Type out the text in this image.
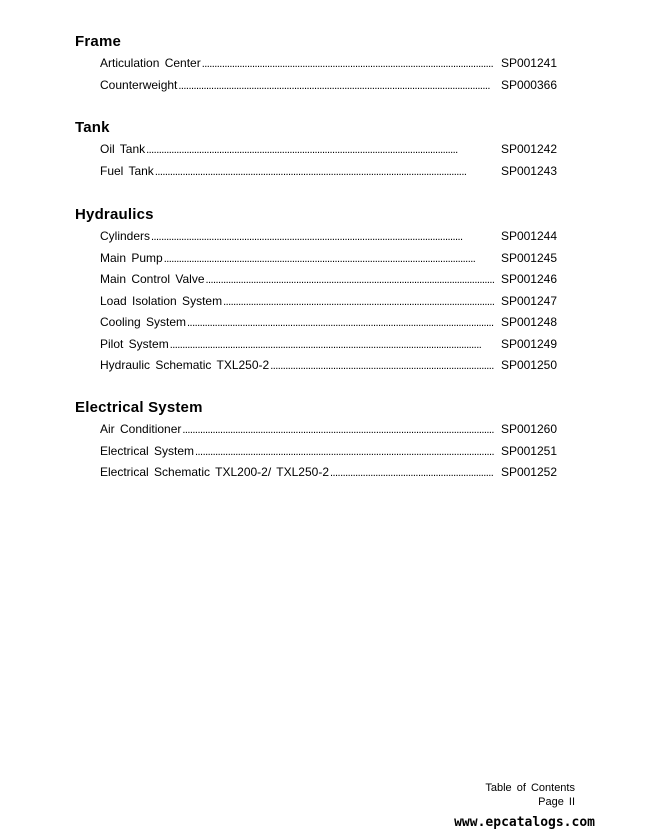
Frame
Articulation Center . . .	SP001241
Counterweight . . .	SP000366
Tank
Oil Tank . . .	SP001242
Fuel Tank . . .	SP001243
Hydraulics
Cylinders . . .	SP001244
Main Pump . . .	SP001245
Main Control Valve . . .	SP001246
Load Isolation System . . .	SP001247
Cooling System . . .	SP001248
Pilot System . . .	SP001249
Hydraulic Schematic TXL250-2 . . .	SP001250
Electrical System
Air Conditioner . . .	SP001260
Electrical System . . .	SP001251
Electrical Schematic TXL200-2/ TXL250-2 . . .	SP001252
Table of Contents
Page II
www.epcatalogs.com
